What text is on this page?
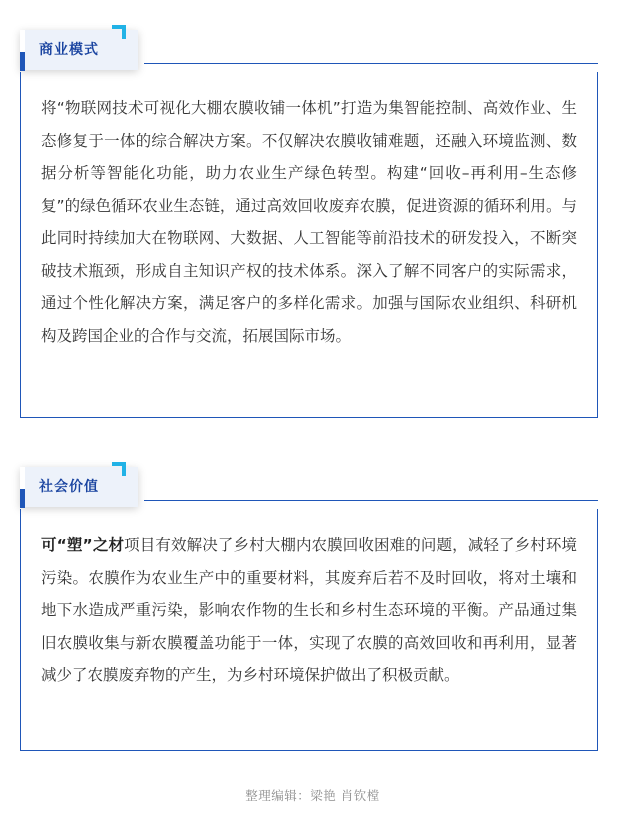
商业模式

将“物联网技术可视化大棚农膜收铺一体机”打造为集智能控制、高效作业、生态修复于一体的综合解决方案。不仅解决农膜收铺难题，还融入环境监测、数据分析等智能化功能，助力农业生产绿色转型。构建“回收–再利用–生态修复”的绿色循环农业生态链，通过高效回收废弃农膜，促进资源的循环利用。与此同时持续加大在物联网、大数据、人工智能等前沿技术的研发投入，不断突破技术瓶颈，形成自主知识产权的技术体系。深入了解不同客户的实际需求，通过个性化解决方案，满足客户的多样化需求。加强与国际农业组织、科研机构及跨国企业的合作与交流，拓展国际市场。

社会价值

可“塑”之材项目有效解决了乡村大棚内农膜回收困难的问题，减轻了乡村环境污染。农膜作为农业生产中的重要材料，其废弃后若不及时回收，将对土壤和地下水造成严重污染，影响农作物的生长和乡村生态环境的平衡。产品通过集旧农膜收集与新农膜覆盖功能于一体，实现了农膜的高效回收和再利用，显著减少了农膜废弃物的产生，为乡村环境保护做出了积极贡献。

整理编辑：梁艳 肖钦樘
